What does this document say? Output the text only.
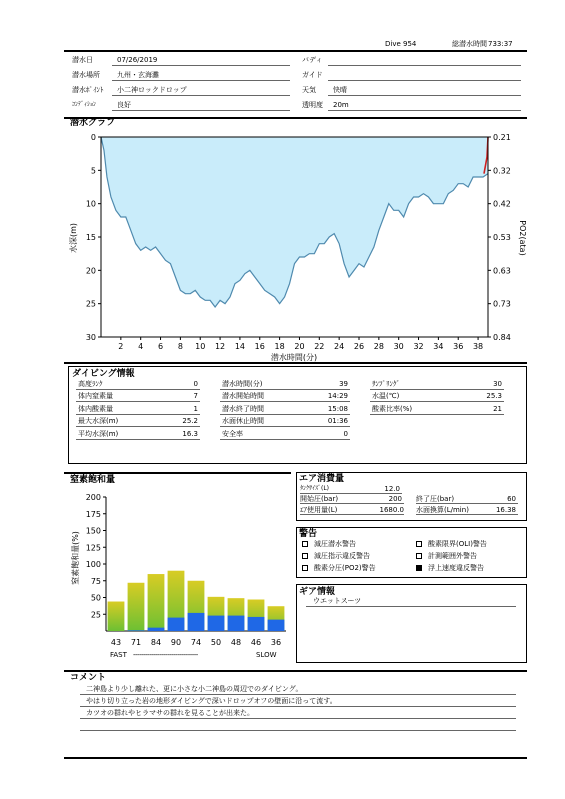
Dive 954	総潜水時間 733:37
潜水日	07/26/2019
潜水場所 九州・玄海灘
潜水ﾎﾟｲﾝﾄ 小二神ロックドロップ
ｺﾝﾃﾞｨｼｮﾝ	良好
バディ
ガイド
天気 快晴
透明度 20m
潜水グラフ
水深(m)	PO2(ata)
潜水時間(分)
0
5
10
15
20
25
30
0.21
0.32
0.42
0.53
0.63
0.73
0.84
2 4 6 8 10 12 14 16 18 20 22 24 26 28 30 32 34 36 38
ダイビング情報
高度ﾗﾝｸ	0
体内窒素量	7
体内酸素量	1
最大水深(m)	25.2
平均水深(m)	16.3
潜水時間(分)	39
潜水開始時間	14:29
潜水終了時間	15:08
水面休止時間	01:36
安全率	0
ｻﾝﾌﾟﾘﾝｸﾞ	30
水温(℃)	25.3
酸素比率(%)	21
窒素飽和量
窒素飽和量(%)
25
50
75
100
125
150
175
200
43 71 84 90 74 50 48 46 36
FAST --------------------------------	SLOW
エア消費量
ﾀﾝｸｻｲｽﾞ(L)	12.0
開始圧(bar)	200 終了圧(bar)	60
ｴｱ使用量(L)	1680.0 水面換算(L/min)	16.38
警告
減圧潜水警告	酸素限界(OLI)警告
減圧指示違反警告	計測範囲外警告
酸素分圧(PO2)警告	浮上速度違反警告
ギア情報
ウエットスーツ
コメント
二神島より少し離れた、更に小さな小二神島の周辺でのダイビング。
やはり切り立った岩の地形ダイビングで深いドロップオフの壁面に沿って流す。
カツオの群れやヒラマサの群れを見ることが出来た。
